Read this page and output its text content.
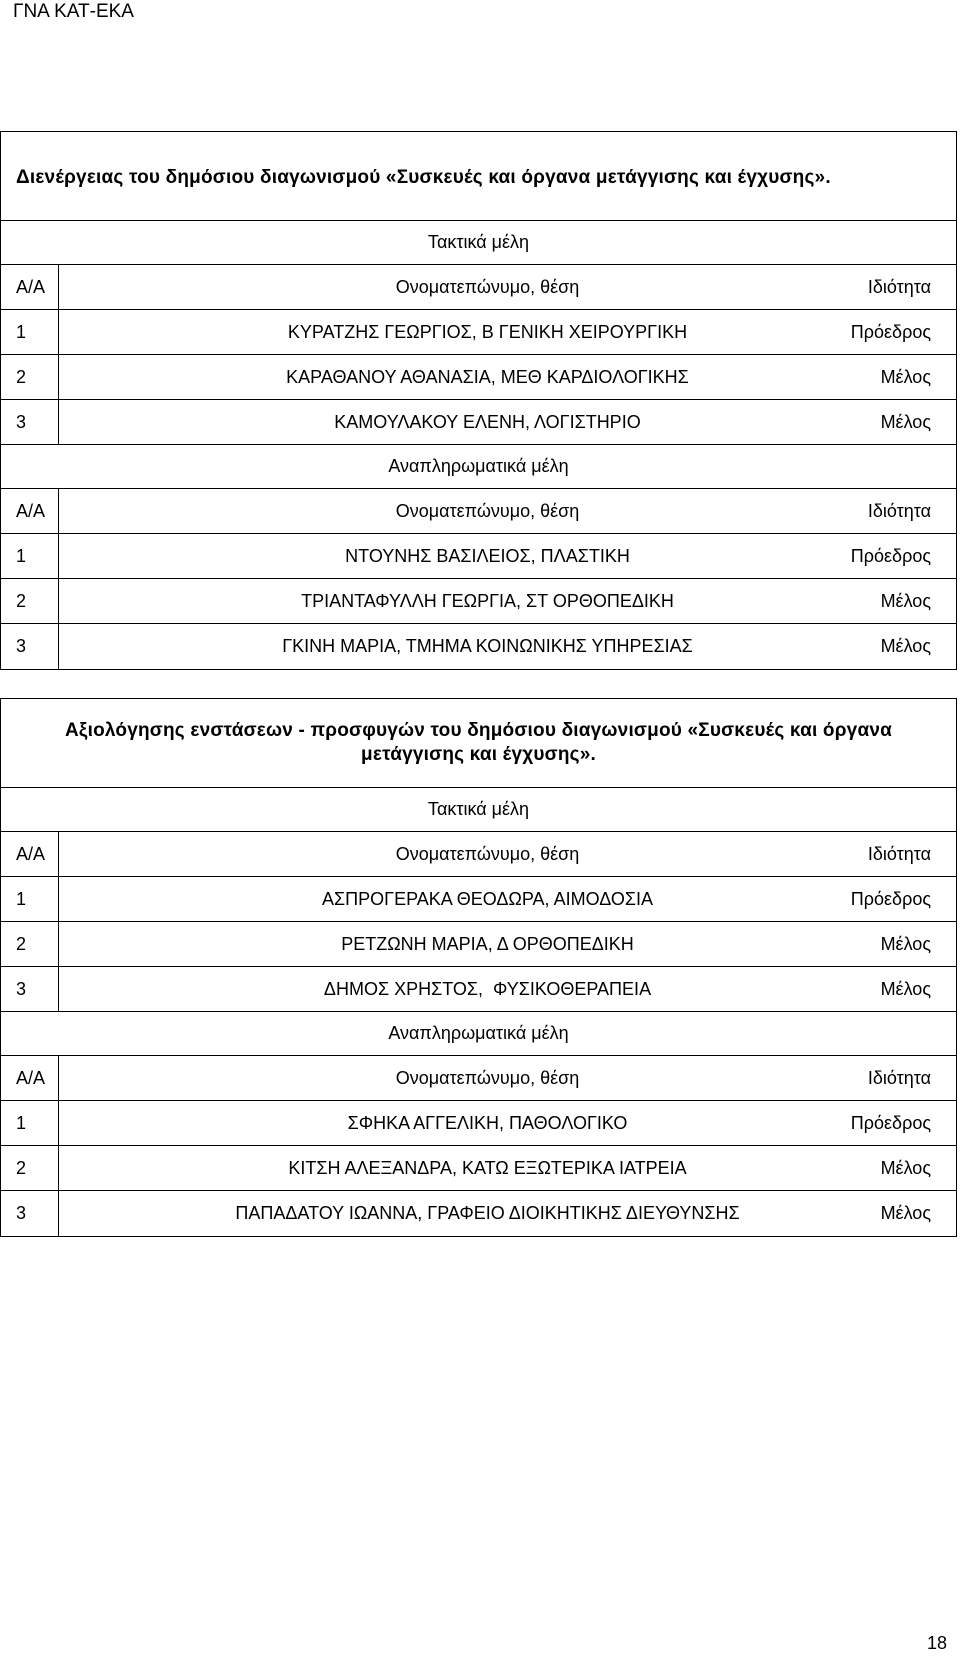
ΓΝΑ ΚΑΤ-ΕΚΑ
Διενέργειας του δημόσιου διαγωνισμού «Συσκευές και όργανα μετάγγισης και έγχυσης».
Τακτικά μέλη
Α/Α	Ονοματεπώνυμο, θέση	Ιδιότητα
1	ΚΥΡΑΤΖΗΣ ΓΕΩΡΓΙΟΣ, Β ΓΕΝΙΚΗ ΧΕΙΡΟΥΡΓΙΚΗ	Πρόεδρος
2	ΚΑΡΑΘΑΝΟΥ ΑΘΑΝΑΣΙΑ, ΜΕΘ ΚΑΡΔΙΟΛΟΓΙΚΗΣ	Μέλος
3	ΚΑΜΟΥΛΑΚΟΥ ΕΛΕΝΗ, ΛΟΓΙΣΤΗΡΙΟ	Μέλος
Αναπληρωματικά μέλη
Α/Α	Ονοματεπώνυμο, θέση	Ιδιότητα
1	ΝΤΟΥΝΗΣ ΒΑΣΙΛΕΙΟΣ, ΠΛΑΣΤΙΚΗ	Πρόεδρος
2	ΤΡΙΑΝΤΑΦΥΛΛΗ ΓΕΩΡΓΙΑ, ΣΤ ΟΡΘΟΠΕΔΙΚΗ	Μέλος
3	ΓΚΙΝΗ ΜΑΡΙΑ, ΤΜΗΜΑ ΚΟΙΝΩΝΙΚΗΣ ΥΠΗΡΕΣΙΑΣ	Μέλος
Αξιολόγησης ενστάσεων - προσφυγών του δημόσιου διαγωνισμού «Συσκευές και όργανα μετάγγισης και έγχυσης».
Τακτικά μέλη
Α/Α	Ονοματεπώνυμο, θέση	Ιδιότητα
1	ΑΣΠΡΟΓΕΡΑΚΑ ΘΕΟΔΩΡΑ, ΑΙΜΟΔΟΣΙΑ	Πρόεδρος
2	ΡΕΤΖΩΝΗ ΜΑΡΙΑ, Δ ΟΡΘΟΠΕΔΙΚΗ	Μέλος
3	ΔΗΜΟΣ ΧΡΗΣΤΟΣ,  ΦΥΣΙΚΟΘΕΡΑΠΕΙΑ	Μέλος
Αναπληρωματικά μέλη
Α/Α	Ονοματεπώνυμο, θέση	Ιδιότητα
1	ΣΦΗΚΑ ΑΓΓΕΛΙΚΗ, ΠΑΘΟΛΟΓΙΚΟ	Πρόεδρος
2	ΚΙΤΣΗ ΑΛΕΞΑΝΔΡΑ, ΚΑΤΩ ΕΞΩΤΕΡΙΚΑ ΙΑΤΡΕΙΑ	Μέλος
3	ΠΑΠΑΔΑΤΟΥ ΙΩΑΝΝΑ, ΓΡΑΦΕΙΟ ΔΙΟΙΚΗΤΙΚΗΣ ΔΙΕΥΘΥΝΣΗΣ	Μέλος
18
